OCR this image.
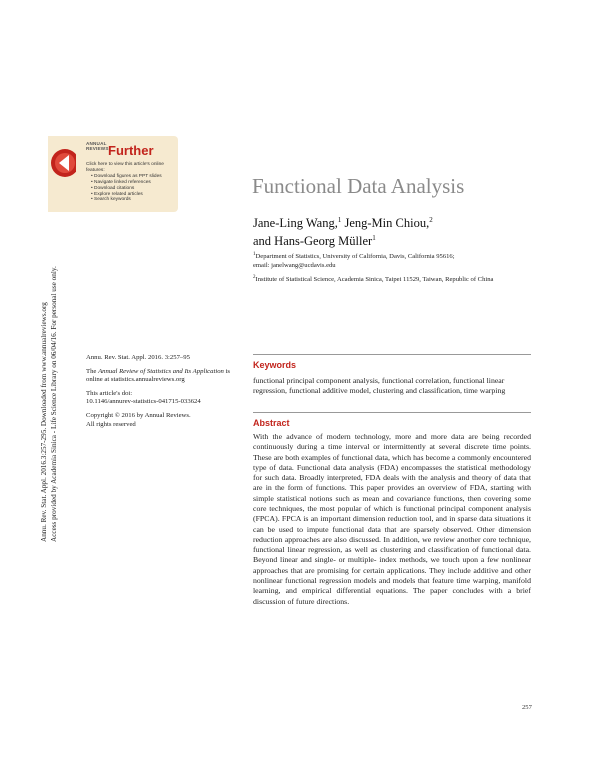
Annu. Rev. Stat. Appl. 2016.3:257-295. Downloaded from www.annualreviews.org Access provided by Academia Sinica - Life Science Library on 06/04/16. For personal use only.
ANNUAL
REVIEWS Further
Click here to view this article's online features:
• Download figures as PPT slides
• Navigate linked references
• Download citations
• Explore related articles
• Search keywords
Functional Data Analysis
Jane-Ling Wang,$^1$ Jeng-Min Chiou,$^2$
and Hans-Georg Müller$^1$
$^1$Department of Statistics, University of California, Davis, California 95616;
email: janelwang@ucdavis.edu
$^2$Institute of Statistical Science, Academia Sinica, Taipei 11529, Taiwan, Republic of China

Annu. Rev. Stat. Appl. 2016. 3:257–95

The Annual Review of Statistics and Its Application is online at statistics.annualreviews.org

This article's doi:
10.1146/annurev-statistics-041715-033624

Copyright © 2016 by Annual Reviews.
All rights reserved

Keywords
functional principal component analysis, functional correlation, functional linear regression, functional additive model, clustering and classification, time warping
Abstract
With the advance of modern technology, more and more data are being recorded continuously during a time interval or intermittently at several discrete time points. These are both examples of functional data, which has become a commonly encountered type of data. Functional data analysis (FDA) encompasses the statistical methodology for such data. Broadly interpreted, FDA deals with the analysis and theory of data that are in the form of functions. This paper provides an overview of FDA, starting with simple statistical notions such as mean and covariance functions, then covering some core techniques, the most popular of which is functional principal component analysis (FPCA). FPCA is an important dimension reduction tool, and in sparse data situations it can be used to impute functional data that are sparsely observed. Other dimension reduction approaches are also discussed. In addition, we review another core technique, functional linear regression, as well as clustering and classification of functional data. Beyond linear and single- or multiple- index methods, we touch upon a few nonlinear approaches that are promising for certain applications. They include additive and other nonlinear functional regression models and models that feature time warping, manifold learning, and empirical differential equations. The paper concludes with a brief discussion of future directions.
257
